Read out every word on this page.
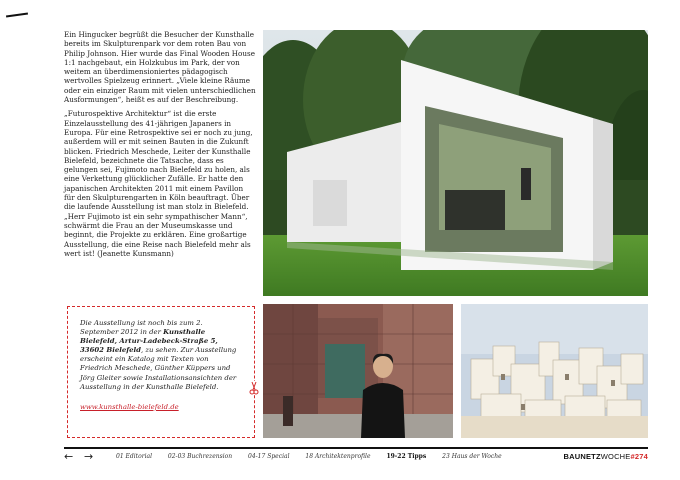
Ein Hingucker begrüßt die Besucher der Kunsthalle bereits im Skulpturenpark vor dem roten Bau von Philip Johnson. Hier wurde das Final Wooden House 1:1 nachgebaut, ein Holzkubus im Park, der von weitem an überdimensioniertes pädagogisch wertvolles Spielzeug erinnert. „Viele kleine Räume oder ein einziger Raum mit vielen unterschiedlichen Ausformungen“, heißt es auf der Beschreibung.

„Futurospektive Architektur“ ist die erste Einzelausstellung des 41-jährigen Japaners in Europa. Für eine Retrospektive sei er noch zu jung, außerdem will er mit seinen Bauten in die Zukunft blicken. Friedrich Meschede, Leiter der Kunsthalle Bielefeld, bezeichnete die Tatsache, dass es gelungen sei, Fujimoto nach Bielefeld zu holen, als eine Verkettung glücklicher Zufälle. Er hatte den japanischen Architekten 2011 mit einem Pavillon für den Skulpturengarten in Köln beauftragt. Über die laufende Ausstellung ist man stolz in Bielefeld. „Herr Fujimoto ist ein sehr sympathischer Mann“, schwärmt die Frau an der Museumskasse und beginnt, die Projekte zu erklären. Eine großartige Ausstellung, die eine Reise nach Bielefeld mehr als wert ist! (Jeanette Kunsmann)

Die Ausstellung ist noch bis zum 2. September 2012 in der Kunsthalle Bielefeld, Artur-Ladebeck-Straße 5, 33602 Bielefeld, zu sehen. Zur Ausstellung erscheint ein Katalog mit Texten von Friedrich Meschede, Günther Küppers und Jörg Gleiter sowie Installationsansichten der Ausstellung in der Kunsthalle Bielefeld.
www.kunsthalle-bielefeld.de
← →	01 Editorial	02-03 Buchrezension	04-17 Special	18 Architektenprofile	19-22 Tipps	23 Haus der Woche	BAUNETZWOCHE#274
